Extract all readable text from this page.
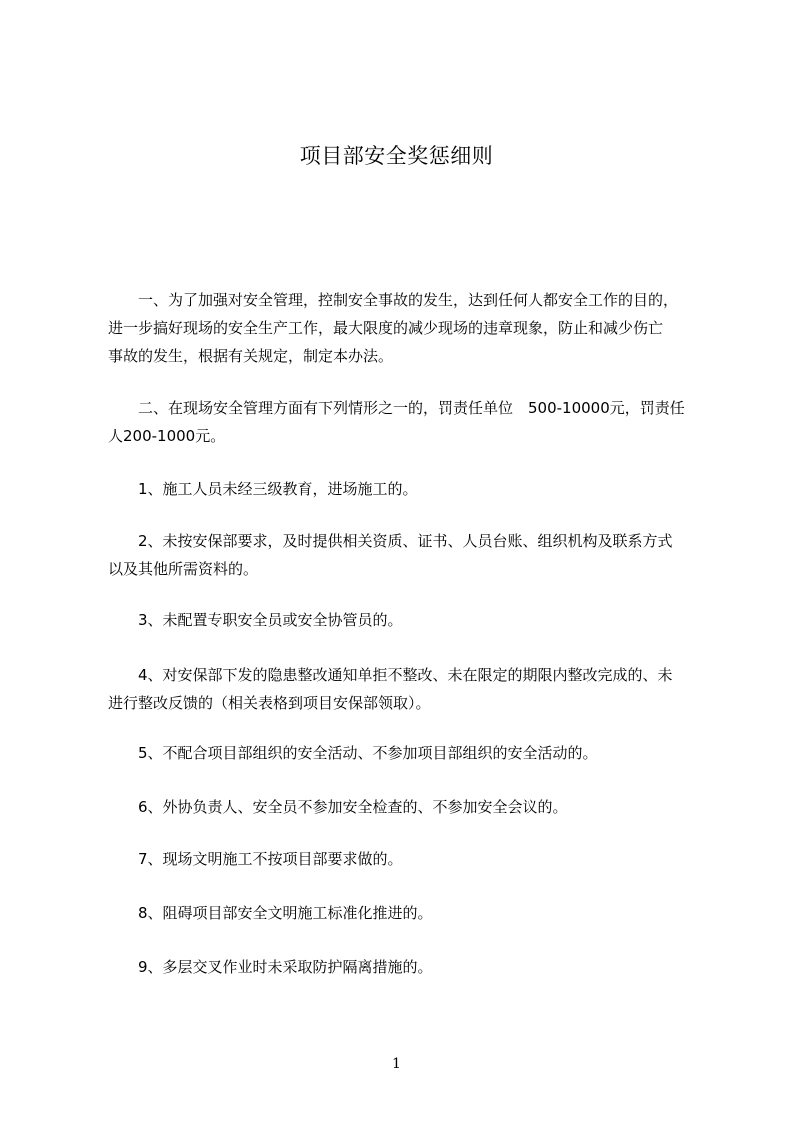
项目部安全奖惩细则

　　一、为了加强对安全管理，控制安全事故的发生，达到任何人都安全工作的目的，
进一步搞好现场的安全生产工作，最大限度的减少现场的违章现象，防止和减少伤亡
事故的发生，根据有关规定，制定本办法。

　　二、在现场安全管理方面有下列情形之一的，罚责任单位　500-10000元，罚责任
人200-1000元。

　　1、施工人员未经三级教育，进场施工的。

　　2、未按安保部要求，及时提供相关资质、证书、人员台账、组织机构及联系方式
以及其他所需资料的。

　　3、未配置专职安全员或安全协管员的。

　　4、对安保部下发的隐患整改通知单拒不整改、未在限定的期限内整改完成的、未
进行整改反馈的（相关表格到项目安保部领取）。

　　5、不配合项目部组织的安全活动、不参加项目部组织的安全活动的。

　　6、外协负责人、安全员不参加安全检查的、不参加安全会议的。

　　7、现场文明施工不按项目部要求做的。

　　8、阻碍项目部安全文明施工标准化推进的。

　　9、多层交叉作业时未采取防护隔离措施的。

1
